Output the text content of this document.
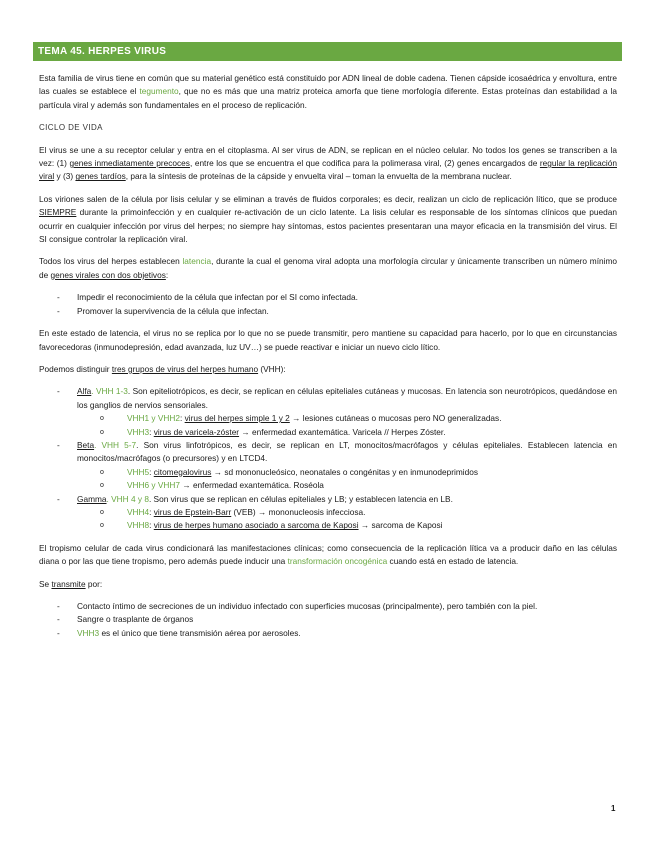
TEMA 45. HERPES VIRUS

Esta familia de virus tiene en común que su material genético está constituido por ADN lineal de doble cadena. Tienen cápside icosaédrica y envoltura, entre las cuales se establece el tegumento, que no es más que una matriz proteica amorfa que tiene morfología diferente. Estas proteínas dan estabilidad a la partícula viral y además son fundamentales en el proceso de replicación.

CICLO DE VIDA

El virus se une a su receptor celular y entra en el citoplasma. Al ser virus de ADN, se replican en el núcleo celular. No todos los genes se transcriben a la vez: (1) genes inmediatamente precoces, entre los que se encuentra el que codifica para la polimerasa viral, (2) genes encargados de regular la replicación viral y (3) genes tardíos, para la síntesis de proteínas de la cápside y envuelta viral – toman la envuelta de la membrana nuclear.

Los viriones salen de la célula por lisis celular y se eliminan a través de fluidos corporales; es decir, realizan un ciclo de replicación lítico, que se produce SIEMPRE durante la primoinfección y en cualquier re-activación de un ciclo latente. La lisis celular es responsable de los síntomas clínicos que puedan ocurrir en cualquier infección por virus del herpes; no siempre hay síntomas, estos pacientes presentaran una mayor eficacia en la transmisión del virus. El SI consigue controlar la replicación viral.

Todos los virus del herpes establecen latencia, durante la cual el genoma viral adopta una morfología circular y únicamente transcriben un número mínimo de genes virales con dos objetivos:

- Impedir el reconocimiento de la célula que infectan por el SI como infectada.
- Promover la supervivencia de la célula que infectan.

En este estado de latencia, el virus no se replica por lo que no se puede transmitir, pero mantiene su capacidad para hacerlo, por lo que en circunstancias favorecedoras (inmunodepresión, edad avanzada, luz UV…) se puede reactivar e iniciar un nuevo ciclo lítico.

Podemos distinguir tres grupos de virus del herpes humano (VHH):

- Alfa. VHH 1-3. Son epiteliotrópicos, es decir, se replican en células epiteliales cutáneas y mucosas. En latencia son neurotrópicos, quedándose en los ganglios de nervios sensoriales.
o VHH1 y VHH2: virus del herpes simple 1 y 2 → lesiones cutáneas o mucosas pero NO generalizadas.
o VHH3: virus de varicela-zóster → enfermedad exantemática. Varicela // Herpes Zóster.
- Beta. VHH 5-7. Son virus linfotrópicos, es decir, se replican en LT, monocitos/macrófagos y células epiteliales. Establecen latencia en monocitos/macrófagos (o precursores) y en LTCD4.
o VHH5: citomegalovirus → sd mononucleósico, neonatales o congénitas y en inmunodeprimidos
o VHH6 y VHH7 → enfermedad exantemática. Roséola
- Gamma. VHH 4 y 8. Son virus que se replican en células epiteliales y LB; y establecen latencia en LB.
o VHH4: virus de Epstein-Barr (VEB) → mononucleosis infecciosa.
o VHH8: virus de herpes humano asociado a sarcoma de Kaposi → sarcoma de Kaposi

El tropismo celular de cada virus condicionará las manifestaciones clínicas; como consecuencia de la replicación lítica va a producir daño en las células diana o por las que tiene tropismo, pero además puede inducir una transformación oncogénica cuando está en estado de latencia.

Se transmite por:

- Contacto íntimo de secreciones de un individuo infectado con superficies mucosas (principalmente), pero también con la piel.
- Sangre o trasplante de órganos
- VHH3 es el único que tiene transmisión aérea por aerosoles.
1
